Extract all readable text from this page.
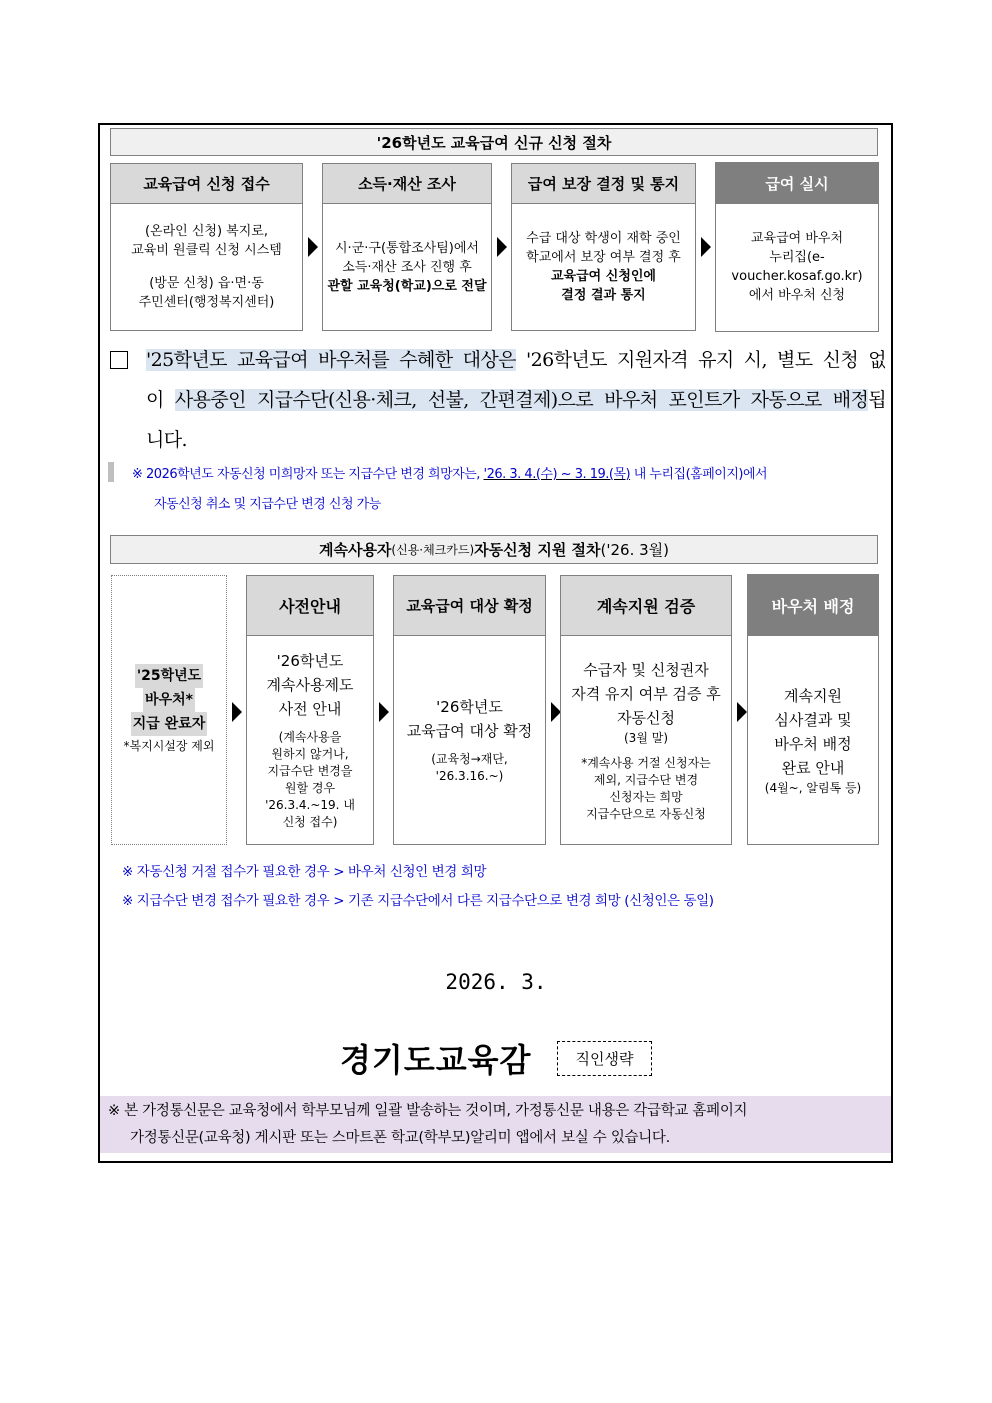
'26학년도 교육급여 신규 신청 절차
교육급여 신청 접수
(온라인 신청) 복지로,
교육비 원클릭 신청 시스템
(방문 신청) 읍·면·동
주민센터(행정복지센터)
소득·재산 조사
시·군·구(통합조사팀)에서
소득·재산 조사 진행 후
관할 교육청(학교)으로 전달
급여 보장 결정 및 통지
수급 대상 학생이 재학 중인
학교에서 보장 여부 결정 후
교육급여 신청인에
결정 결과 통지
급여 실시
교육급여 바우처
누리집(e-voucher.kosaf.go.kr)
에서 바우처 신청
'25학년도 교육급여 바우처를 수혜한 대상은 '26학년도 지원자격 유지 시, 별도 신청 없이 사용중인 지급수단(신용·체크, 선불, 간편결제)으로 바우처 포인트가 자동으로 배정됩니다.
※ 2026학년도 자동신청 미희망자 또는 지급수단 변경 희망자는, '26. 3. 4.(수) ~ 3. 19.(목) 내 누리집(홈페이지)에서
자동신청 취소 및 지급수단 변경 신청 가능
계속사용자 (신용·체크카드) 자동신청 지원 절차 ('26. 3월)
'25학년도
바우처*
지급 완료자
*복지시설장 제외
사전안내
'26학년도
계속사용제도
사전 안내
(계속사용을
원하지 않거나,
지급수단 변경을
원할 경우
'26.3.4.~19. 내
신청 접수)
교육급여 대상 확정
'26학년도
교육급여 대상 확정
(교육청→재단,
'26.3.16.~)
계속지원 검증
수급자 및 신청권자
자격 유지 여부 검증 후
자동신청
(3월 말)
*계속사용 거절 신청자는
제외, 지급수단 변경
신청자는 희망
지급수단으로 자동신청
바우처 배정
계속지원
심사결과 및
바우처 배정
완료 안내
(4월~, 알림톡 등)
※ 자동신청 거절 접수가 필요한 경우 > 바우처 신청인 변경 희망
※ 지급수단 변경 접수가 필요한 경우 > 기존 지급수단에서 다른 지급수단으로 변경 희망 (신청인은 동일)
2026. 3.
경기도교육감	직인생략
※ 본 가정통신문은 교육청에서 학부모님께 일괄 발송하는 것이며, 가정통신문 내용은 각급학교 홈페이지
가정통신문(교육청) 게시판 또는 스마트폰 학교(학부모)알리미 앱에서 보실 수 있습니다.
